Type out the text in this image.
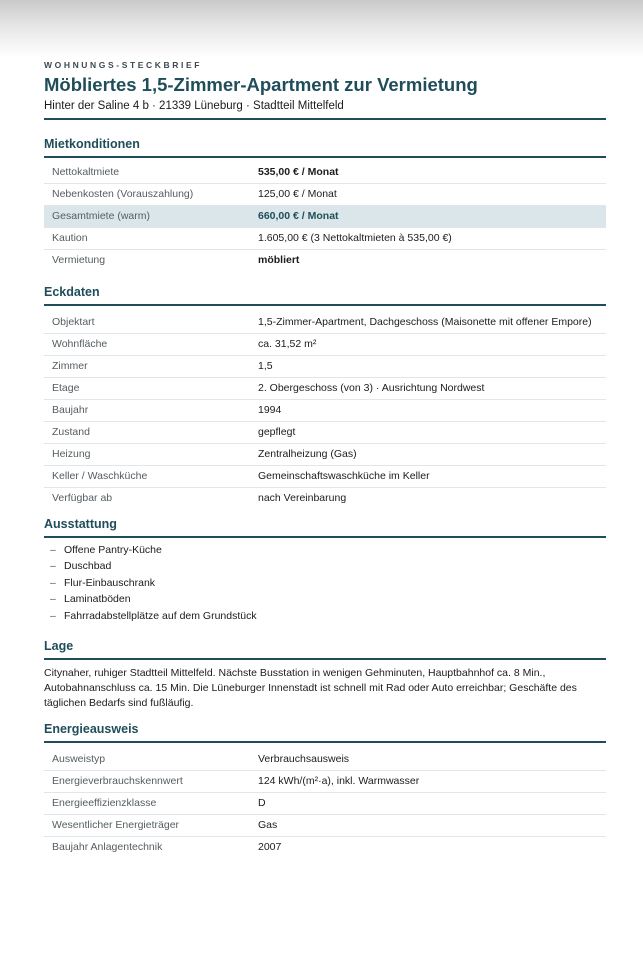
WOHNUNGS-STECKBRIEF
Möbliertes 1,5-Zimmer-Apartment zur Vermietung
Hinter der Saline 4 b · 21339 Lüneburg · Stadtteil Mittelfeld
Mietkonditionen
Nettokaltmiete	535,00 € / Monat
Nebenkosten (Vorauszahlung)	125,00 € / Monat
Gesamtmiete (warm)	660,00 € / Monat
Kaution	1.605,00 € (3 Nettokaltmieten à 535,00 €)
Vermietung	möbliert
Eckdaten
Objektart	1,5-Zimmer-Apartment, Dachgeschoss (Maisonette mit offener Empore)
Wohnfläche	ca. 31,52 m²
Zimmer	1,5
Etage	2. Obergeschoss (von 3) · Ausrichtung Nordwest
Baujahr	1994
Zustand	gepflegt
Heizung	Zentralheizung (Gas)
Keller / Waschküche	Gemeinschaftswaschküche im Keller
Verfügbar ab	nach Vereinbarung
Ausstattung
– Offene Pantry-Küche
– Duschbad
– Flur-Einbauschrank
– Laminatböden
– Fahrradabstellplätze auf dem Grundstück
Lage

Citynaher, ruhiger Stadtteil Mittelfeld. Nächste Busstation in wenigen Gehminuten, Hauptbahnhof ca. 8 Min.,
Autobahnanschluss ca. 15 Min. Die Lüneburger Innenstadt ist schnell mit Rad oder Auto erreichbar; Geschäfte des
täglichen Bedarfs sind fußläufig.

Energieausweis
Ausweistyp	Verbrauchsausweis
Energieverbrauchskennwert	124 kWh/(m²·a), inkl. Warmwasser
Energieeffizienzklasse	D
Wesentlicher Energieträger	Gas
Baujahr Anlagentechnik	2007
